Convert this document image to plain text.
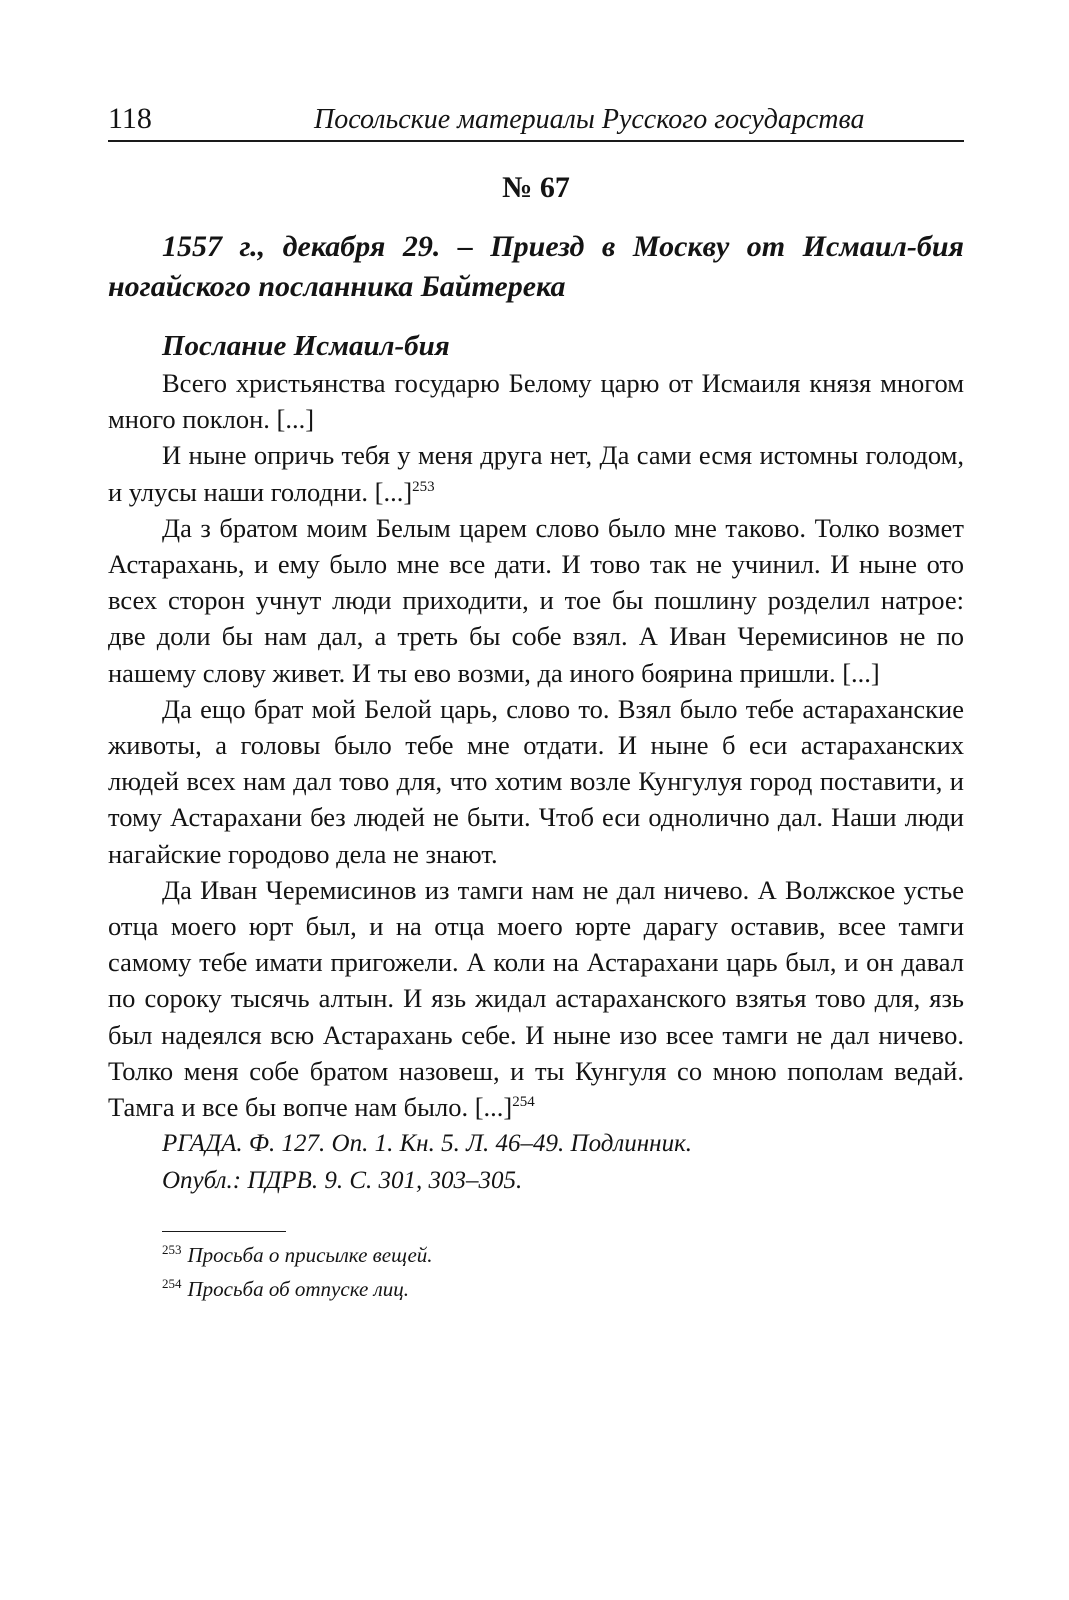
118	Посольские материалы Русского государства
№ 67
1557 г., декабря 29. – Приезд в Москву от Исмаил-бия ногайского посланника Байтерека
Послание Исмаил-бия

Всего христьянства государю Белому царю от Исмаиля князя многом много поклон. [...]

И ныне опричь тебя у меня друга нет, Да сами есмя истомны голодом, и улусы наши голодни. [...]$^{253}$

Да з братом моим Белым царем слово было мне таково. Толко возмет Астарахань, и ему было мне все дати. И тово так не учинил. И ныне ото всех сторон учнут люди приходити, и тое бы пошлину розделил натрое: две доли бы нам дал, а треть бы собе взял. А Иван Черемисинов не по нашему слову живет. И ты ево возми, да иного боярина пришли. [...]

Да ещо брат мой Белой царь, слово то. Взял было тебе астараханские животы, а головы было тебе мне отдати. И ныне б еси астараханских людей всех нам дал тово для, что хотим возле Кунгулуя город поставити, и тому Астарахани без людей не быти. Чтоб еси однолично дал. Наши люди нагайские городово дела не знают.

Да Иван Черемисинов из тамги нам не дал ничево. А Волжское устье отца моего юрт был, и на отца моего юрте дарагу оставив, всее тамги самому тебе имати пригожели. А коли на Астарахани царь был, и он давал по сороку тысячь алтын. И язь жидал астараханского взятья тово для, язь был надеялся всю Астарахань себе. И ныне изо всее тамги не дал ничево. Толко меня собе братом назовеш, и ты Кунгуля со мною пополам ведай. Тамга и все бы вопче нам было. [...]$^{254}$

РГАДА. Ф. 127. Оп. 1. Кн. 5. Л. 46–49. Подлинник.

Опубл.: ПДРВ. 9. С. 301, 303–305.

$^{253}$ Просьба о присылке вещей.

$^{254}$ Просьба об отпуске лиц.
